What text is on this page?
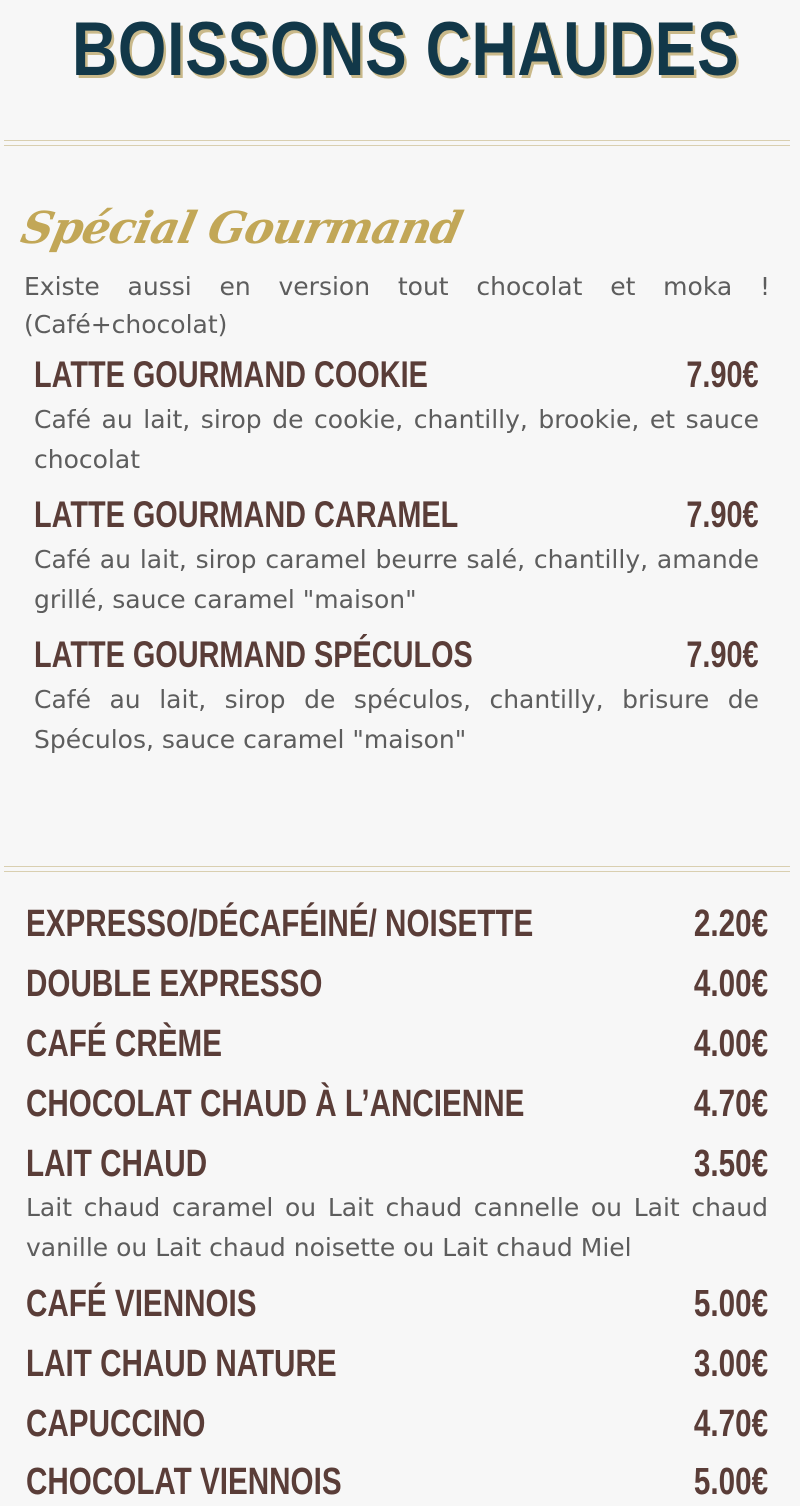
BOISSONS CHAUDES
Spécial Gourmand
Existe aussi en version tout chocolat et moka ! (Café+chocolat)
LATTE GOURMAND COOKIE	7.90€
Café au lait, sirop de cookie, chantilly, brookie, et sauce chocolat
LATTE GOURMAND CARAMEL	7.90€
Café au lait, sirop caramel beurre salé, chantilly, amande grillé, sauce caramel "maison"
LATTE GOURMAND SPÉCULOS	7.90€
Café au lait, sirop de spéculos, chantilly, brisure de Spéculos, sauce caramel "maison"
EXPRESSO/DÉCAFÉINÉ/ NOISETTE	2.20€
DOUBLE EXPRESSO	4.00€
CAFÉ CRÈME	4.00€
CHOCOLAT CHAUD À L’ANCIENNE	4.70€
LAIT CHAUD	3.50€
Lait chaud caramel ou Lait chaud cannelle ou Lait chaud vanille ou Lait chaud noisette ou Lait chaud Miel
CAFÉ VIENNOIS	5.00€
LAIT CHAUD NATURE	3.00€
CAPUCCINO	4.70€
CHOCOLAT VIENNOIS	5.00€
